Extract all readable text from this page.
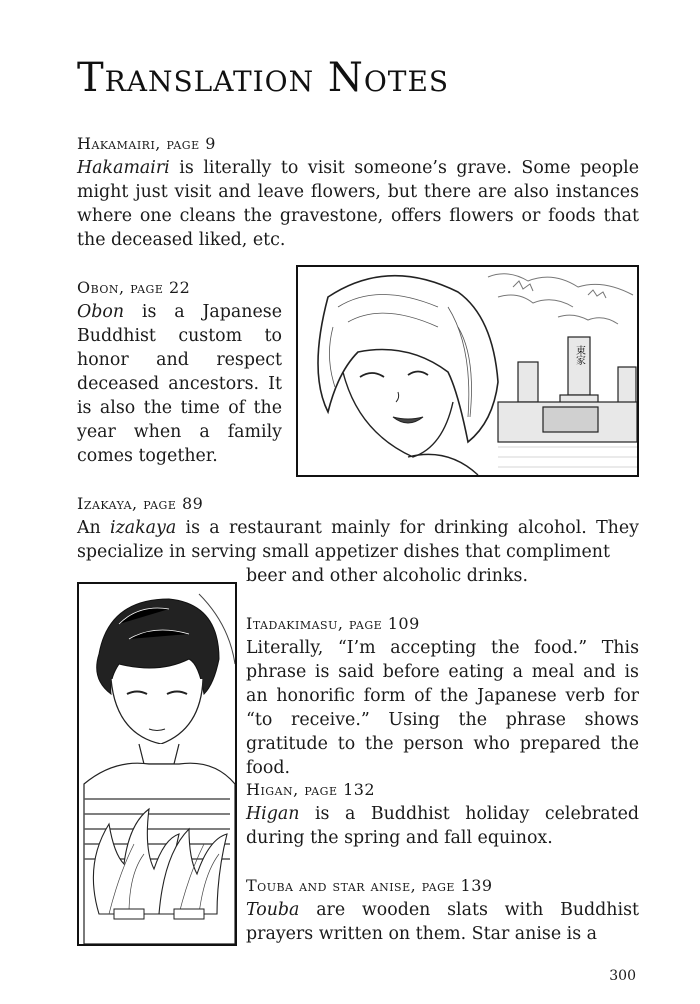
Translation Notes
Hakamairi, page 9
Hakamairi is literally to visit someone’s grave. Some people might just visit and leave flowers, but there are also instances where one cleans the gravestone, offers flowers or foods that the deceased liked, etc.
Obon, page 22
Obon is a Japanese Buddhist custom to honor and respect deceased ancestors. It is also the time of the year when a family comes together.
東家
Izakaya, page 89
An izakaya is a restaurant mainly for drinking alcohol. They specialize in serving small appetizer dishes that compliment
beer and other alcoholic drinks.
Itadakimasu, page 109
Literally, “I’m accepting the food.” This phrase is said before eating a meal and is an honorific form of the Japanese verb for “to receive.” Using the phrase shows gratitude to the person who prepared the food.
Higan, page 132
Higan is a Buddhist holiday celebrated during the spring and fall equinox.
Touba and star anise, page 139
Touba are wooden slats with Buddhist prayers written on them. Star anise is a
300
